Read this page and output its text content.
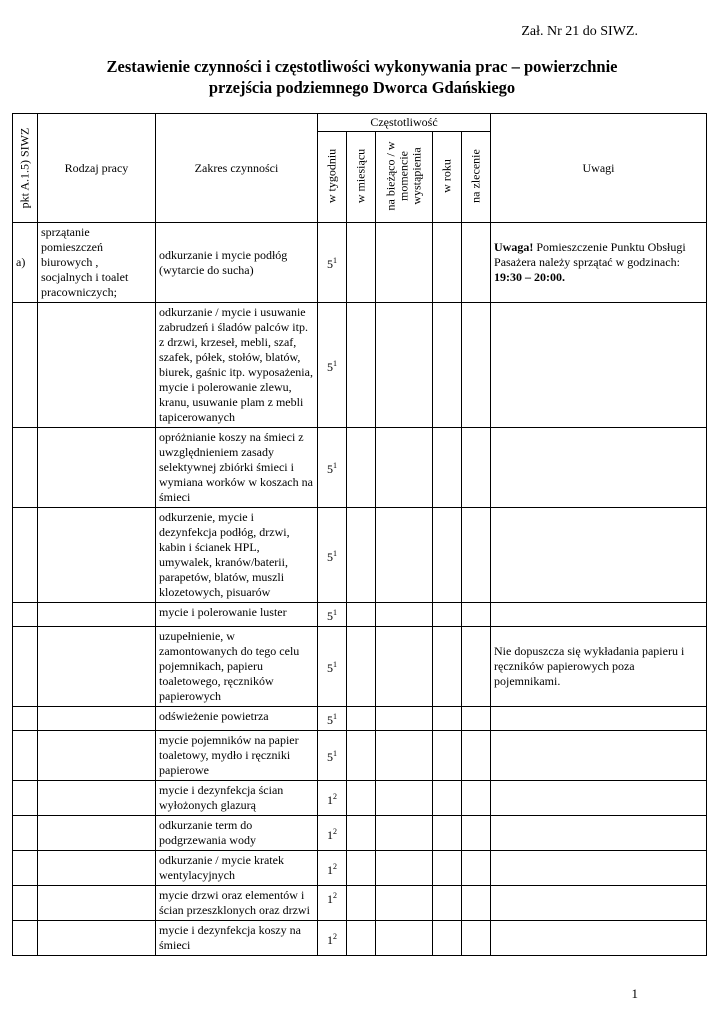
Zał. Nr 21 do SIWZ.
Zestawienie czynności i częstotliwości wykonywania prac – powierzchnie
przejścia podziemnego Dworca Gdańskiego
pkt A.1.5) SIWZ	Rodzaj pracy	Zakres czynności	Częstotliwość					Uwagi

			w tygodniu	w miesiącu	na bieżąco / w momencie wystąpienia	w roku	na zlecenie	

a)	sprzątanie pomieszczeń biurowych , socjalnych i toalet pracowniczych;	odkurzanie i mycie podłóg (wytarcie do sucha)	$5^1$					Uwaga! Pomieszczenie Punktu Obsługi Pasażera należy sprzątać w godzinach: 19:30 – 20:00.
		odkurzanie / mycie i usuwanie zabrudzeń i śladów palców itp. z drzwi, krzeseł, mebli, szaf, szafek, półek, stołów, blatów, biurek, gaśnic itp. wyposażenia, mycie i polerowanie zlewu, kranu, usuwanie plam z mebli tapicerowanych	$5^1$					
		opróżnianie koszy na śmieci z uwzględnieniem zasady selektywnej zbiórki śmieci i wymiana worków w koszach na śmieci	$5^1$					
		odkurzenie, mycie i dezynfekcja podłóg, drzwi, kabin i ścianek HPL, umywalek, kranów/baterii, parapetów, blatów, muszli klozetowych, pisuarów	$5^1$					
		mycie i polerowanie luster	$5^1$					
		uzupełnienie, w zamontowanych do tego celu pojemnikach, papieru toaletowego, ręczników papierowych	$5^1$					Nie dopuszcza się wykładania papieru i ręczników papierowych poza pojemnikami.
		odświeżenie powietrza	$5^1$					
		mycie pojemników na papier toaletowy, mydło i ręczniki papierowe	$5^1$					
		mycie i dezynfekcja ścian wyłożonych glazurą	$1^2$					
		odkurzanie term do podgrzewania wody	$1^2$					
		odkurzanie / mycie kratek wentylacyjnych	$1^2$					
		mycie drzwi oraz elementów i ścian przeszklonych oraz drzwi	$1^2$					
		mycie i dezynfekcja koszy na śmieci	$1^2$					
1
